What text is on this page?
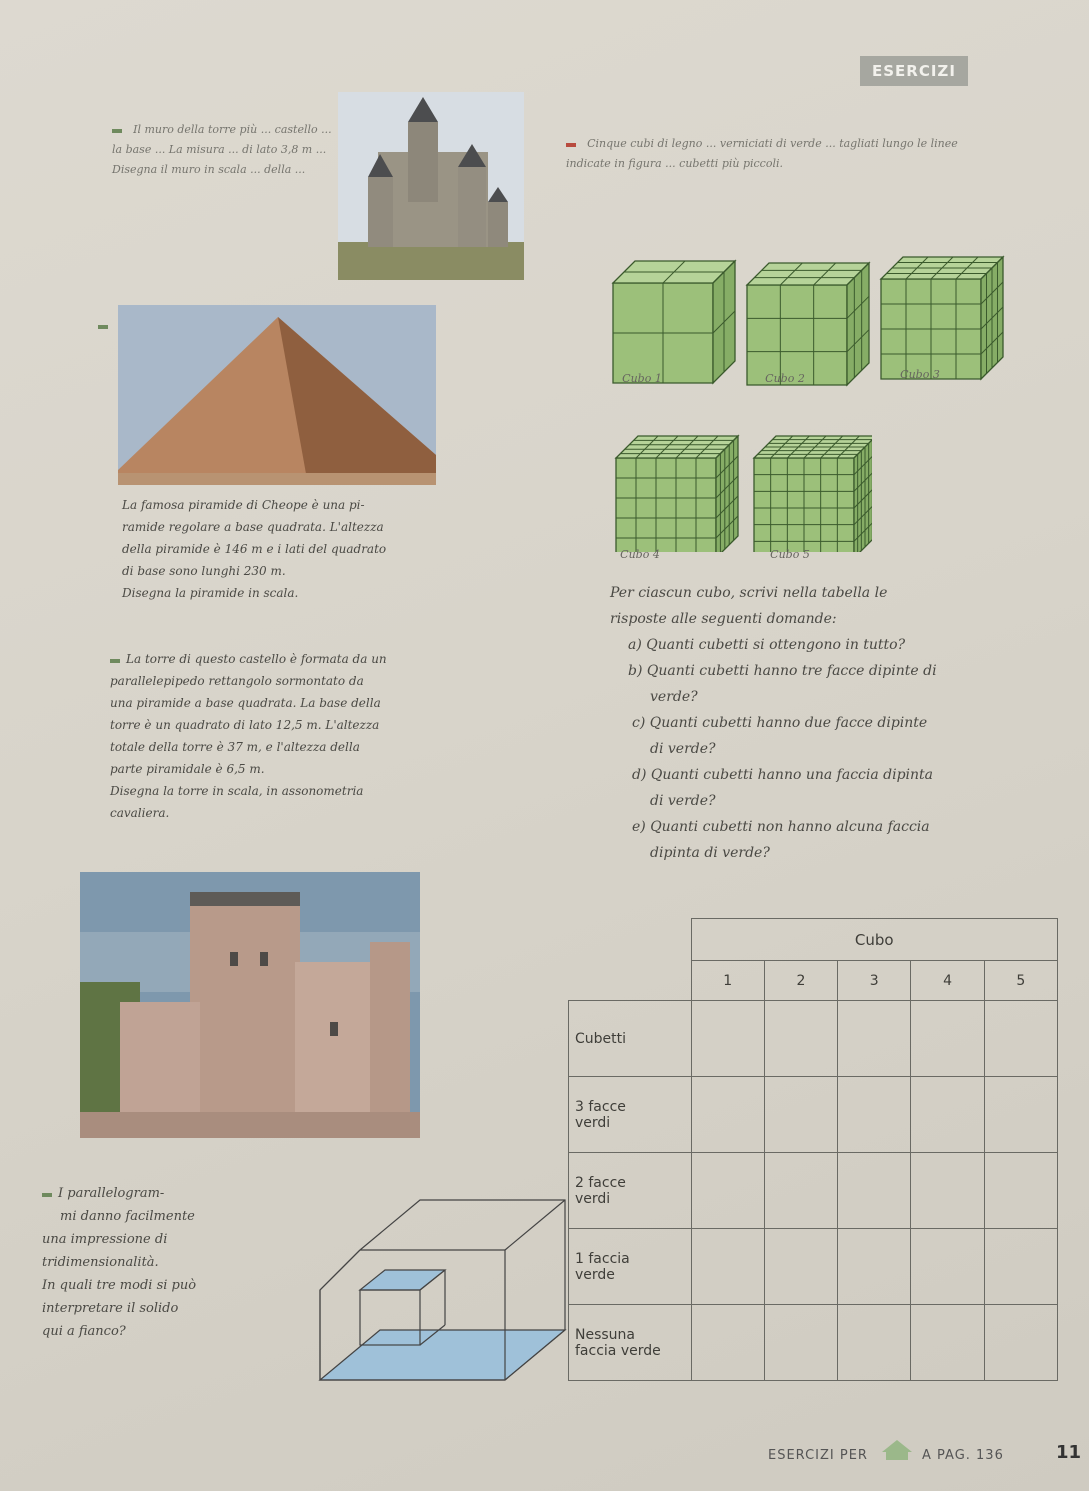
ESERCIZI
Il muro della torre più ... castello ... la base ... La misura ... di lato 3,8 m ... Disegna il muro in scala ... della ...
La famosa piramide di Cheope è una pi-
ramide regolare a base quadrata. L'altezza
della piramide è 146 m e i lati del quadrato
di base sono lunghi 230 m.
Disegna la piramide in scala.
La torre di questo castello è formata da un
parallelepipedo rettangolo sormontato da
una piramide a base quadrata. La base della
torre è un quadrato di lato 12,5 m. L'altezza
totale della torre è 37 m, e l'altezza della
parte piramidale è 6,5 m.
Disegna la torre in scala, in assonometria
cavaliera.
I parallelogram-
mi danno facilmente
una impressione di
tridimensionalità.
In quali tre modi si può
interpretare il solido
qui a fianco?
Cinque cubi di legno ... verniciati di verde ... tagliati lungo le linee indicate in figura ... cubetti più piccoli.
Cubo 1	Cubo 2	Cubo 3
Cubo 4	Cubo 5
Per ciascun cubo, scrivi nella tabella le
risposte alle seguenti domande:
a) Quanti cubetti si ottengono in tutto?
b) Quanti cubetti hanno tre facce dipinte di
verde?
c) Quanti cubetti hanno due facce dipinte
di verde?
d) Quanti cubetti hanno una faccia dipinta
di verde?
e) Quanti cubetti non hanno alcuna faccia
dipinta di verde?
	Cubo				
	1	2	3	4	5

Cubetti					

3 facce
verdi					

2 facce
verdi					

1 faccia
verde					

Nessuna
faccia verde					

ESERCIZI PER	A PAG. 136	11
